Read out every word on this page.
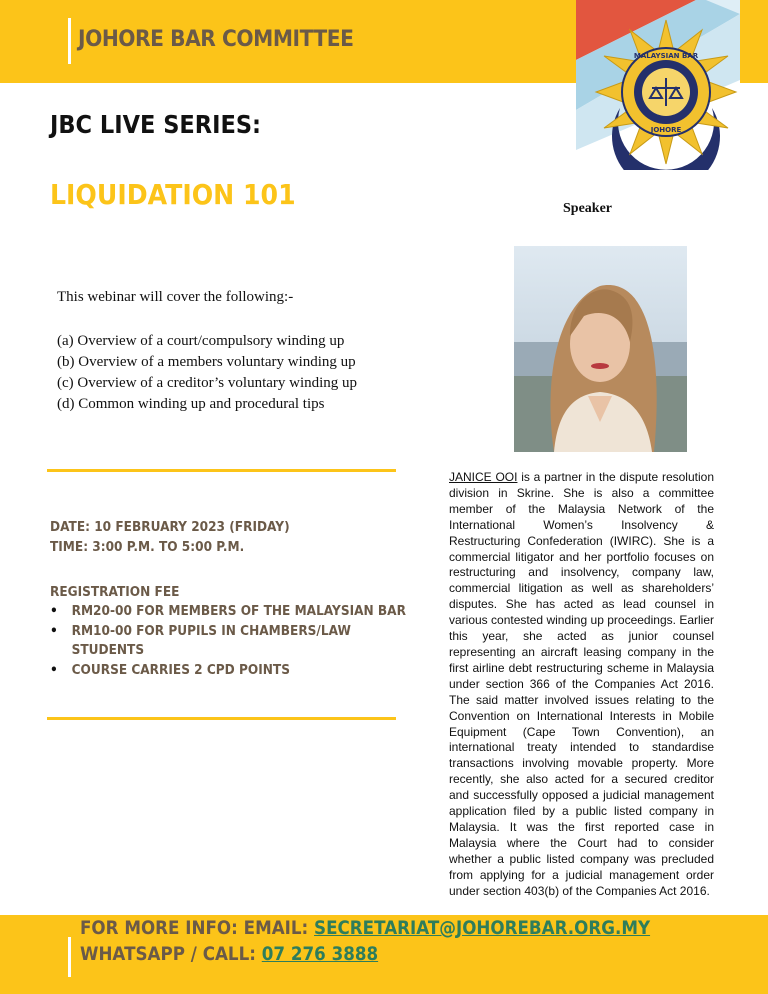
JOHORE BAR COMMITTEE
MALAYSIAN BAR
JOHORE
JBC LIVE SERIES:
LIQUIDATION 101	Speaker
This webinar will cover the following:-
(a) Overview of a court/compulsory winding up
(b) Overview of a members voluntary winding up
(c) Overview of a creditor’s voluntary winding up
(d) Common winding up and procedural tips
DATE: 10 FEBRUARY 2023 (FRIDAY)
TIME: 3:00 P.M. TO 5:00 P.M.
REGISTRATION FEE
• RM20-00 FOR MEMBERS OF THE MALAYSIAN BAR
• RM10-00 FOR PUPILS IN CHAMBERS/LAW STUDENTS
• COURSE CARRIES 2 CPD POINTS

JANICE OOI is a partner in the dispute resolution division in Skrine. She is also a committee member of the Malaysia Network of the International Women’s Insolvency & Restructuring Confederation (IWIRC). She is a commercial litigator and her portfolio focuses on restructuring and insolvency, company law, commercial litigation as well as shareholders’ disputes. She has acted as lead counsel in various contested winding up proceedings. Earlier this year, she acted as junior counsel representing an aircraft leasing company in the first airline debt restructuring scheme in Malaysia under section 366 of the Companies Act 2016. The said matter involved issues relating to the Convention on International Interests in Mobile Equipment (Cape Town Convention), an international treaty intended to standardise transactions involving movable property. More recently, she also acted for a secured creditor and successfully opposed a judicial management application filed by a public listed company in Malaysia. It was the first reported case in Malaysia where the Court had to consider whether a public listed company was precluded from applying for a judicial management order under section 403(b) of the Companies Act 2016.

FOR MORE INFO: EMAIL: SECRETARIAT@JOHOREBAR.ORG.MY
WHATSAPP / CALL: 07 276 3888
